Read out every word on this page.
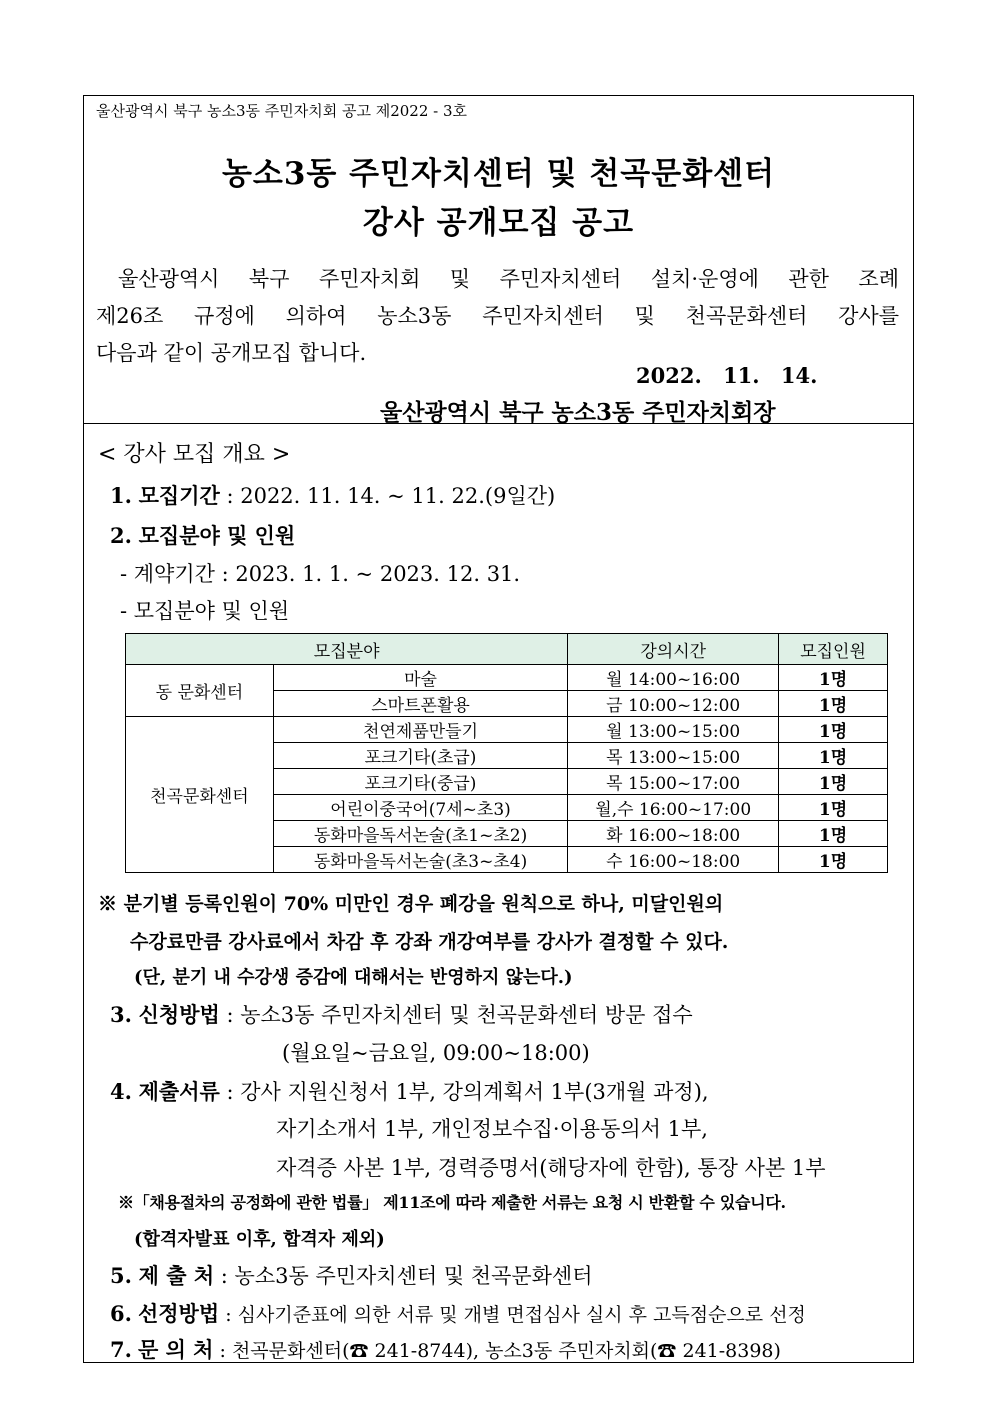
울산광역시 북구 농소3동 주민자치회 공고 제2022 - 3호
농소3동 주민자치센터 및 천곡문화센터
강사 공개모집 공고
울산광역시 북구 주민자치회 및 주민자치센터 설치·운영에 관한 조례
제26조 규정에 의하여 농소3동 주민자치센터 및 천곡문화센터 강사를
다음과 같이 공개모집 합니다.
2022. 11. 14.
울산광역시 북구 농소3동 주민자치회장
< 강사 모집 개요 >
1. 모집기간 : 2022. 11. 14. ~ 11. 22.(9일간)
2. 모집분야 및 인원
- 계약기간 : 2023. 1. 1. ~ 2023. 12. 31.
- 모집분야 및 인원
모집분야		강의시간	모집인원
동 문화센터	마술	월 14:00~16:00	1명
	스마트폰활용	금 10:00~12:00	1명
천곡문화센터	천연제품만들기	월 13:00~15:00	1명
	포크기타(초급)	목 13:00~15:00	1명
	포크기타(중급)	목 15:00~17:00	1명
	어린이중국어(7세~초3)	월,수 16:00~17:00	1명
	동화마을독서논술(초1~초2)	화 16:00~18:00	1명
	동화마을독서논술(초3~초4)	수 16:00~18:00	1명
※ 분기별 등록인원이 70% 미만인 경우 폐강을 원칙으로 하나, 미달인원의
수강료만큼 강사료에서 차감 후 강좌 개강여부를 강사가 결정할 수 있다.
(단, 분기 내 수강생 증감에 대해서는 반영하지 않는다.)
3. 신청방법 : 농소3동 주민자치센터 및 천곡문화센터 방문 접수
(월요일~금요일, 09:00~18:00)
4. 제출서류 : 강사 지원신청서 1부, 강의계획서 1부(3개월 과정),
자기소개서 1부, 개인정보수집·이용동의서 1부,
자격증 사본 1부, 경력증명서(해당자에 한함), 통장 사본 1부
※「채용절차의 공정화에 관한 법률」 제11조에 따라 제출한 서류는 요청 시 반환할 수 있습니다.
(합격자발표 이후, 합격자 제외)
5. 제 출 처 : 농소3동 주민자치센터 및 천곡문화센터
6. 선정방법 : 심사기준표에 의한 서류 및 개별 면접심사 실시 후 고득점순으로 선정
7. 문 의 처 : 천곡문화센터(☎ 241-8744), 농소3동 주민자치회(☎ 241-8398)
